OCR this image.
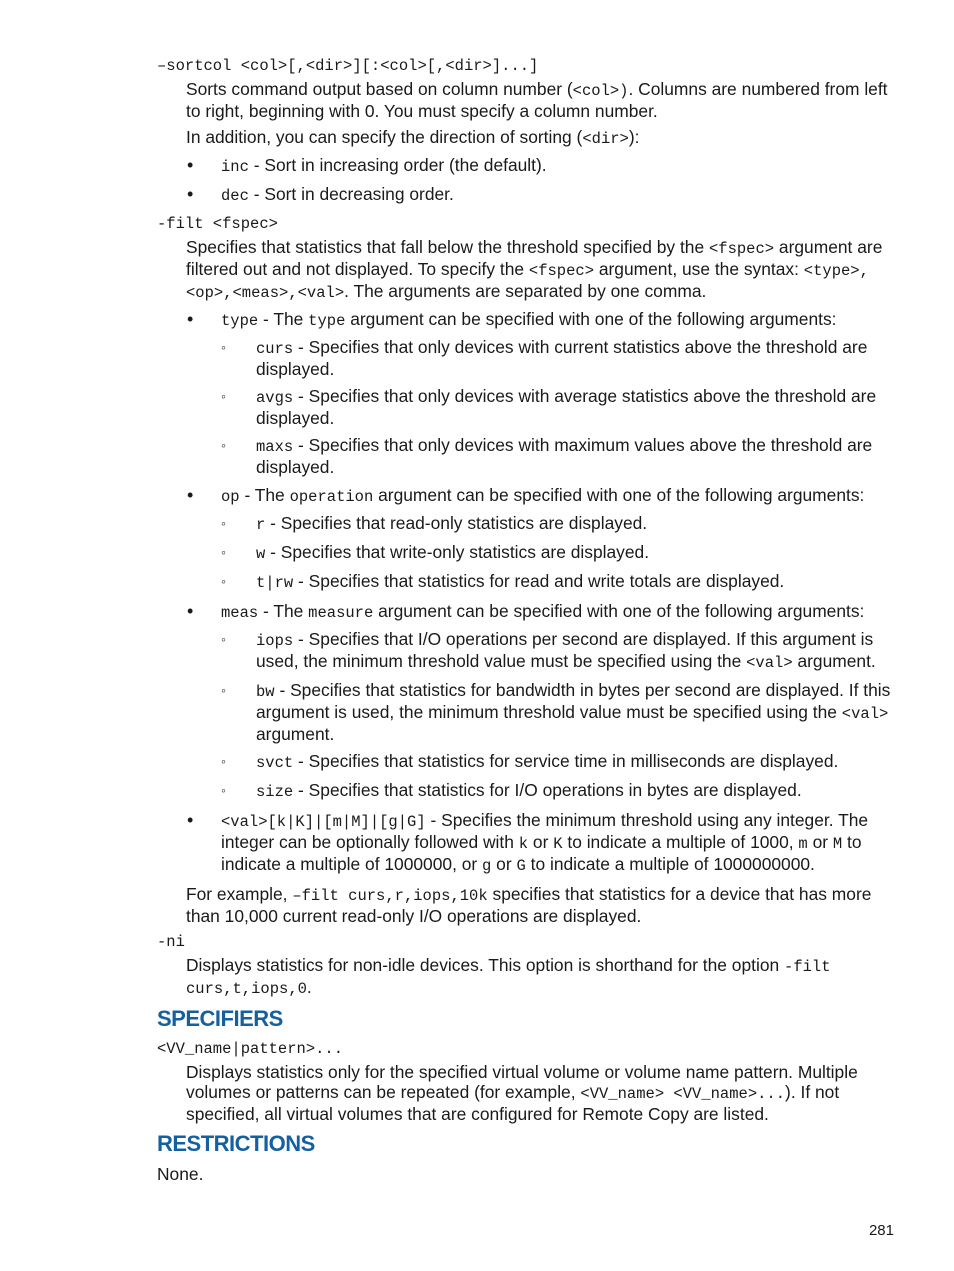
–sortcol <col>[,<dir>][:<col>[,<dir>]...]
Sorts command output based on column number (<col>). Columns are numbered from left to right, beginning with 0. You must specify a column number.
In addition, you can specify the direction of sorting (<dir>):
• inc - Sort in increasing order (the default).
• dec - Sort in decreasing order.
-filt <fspec>
Specifies that statistics that fall below the threshold specified by the <fspec> argument are filtered out and not displayed. To specify the <fspec> argument, use the syntax: <type>,<op>,<meas>,<val>. The arguments are separated by one comma.
• type - The type argument can be specified with one of the following arguments:
◦ curs - Specifies that only devices with current statistics above the threshold are displayed.
◦ avgs - Specifies that only devices with average statistics above the threshold are displayed.
◦ maxs - Specifies that only devices with maximum values above the threshold are displayed.
• op - The operation argument can be specified with one of the following arguments:
◦ r - Specifies that read-only statistics are displayed.
◦ w - Specifies that write-only statistics are displayed.
◦ t|rw - Specifies that statistics for read and write totals are displayed.
• meas - The measure argument can be specified with one of the following arguments:
◦ iops - Specifies that I/O operations per second are displayed. If this argument is used, the minimum threshold value must be specified using the <val> argument.
◦ bw - Specifies that statistics for bandwidth in bytes per second are displayed. If this argument is used, the minimum threshold value must be specified using the <val> argument.
◦ svct - Specifies that statistics for service time in milliseconds are displayed.
◦ size - Specifies that statistics for I/O operations in bytes are displayed.
• <val>[k|K]|[m|M]|[g|G] - Specifies the minimum threshold using any integer. The integer can be optionally followed with k or K to indicate a multiple of 1000, m or M to indicate a multiple of 1000000, or g or G to indicate a multiple of 1000000000.
For example, –filt curs,r,iops,10k specifies that statistics for a device that has more than 10,000 current read-only I/O operations are displayed.
-ni
Displays statistics for non-idle devices. This option is shorthand for the option -filt curs,t,iops,0.
SPECIFIERS
<VV_name|pattern>...
Displays statistics only for the specified virtual volume or volume name pattern. Multiple volumes or patterns can be repeated (for example, <VV_name> <VV_name>...). If not specified, all virtual volumes that are configured for Remote Copy are listed.
RESTRICTIONS
None.
281
